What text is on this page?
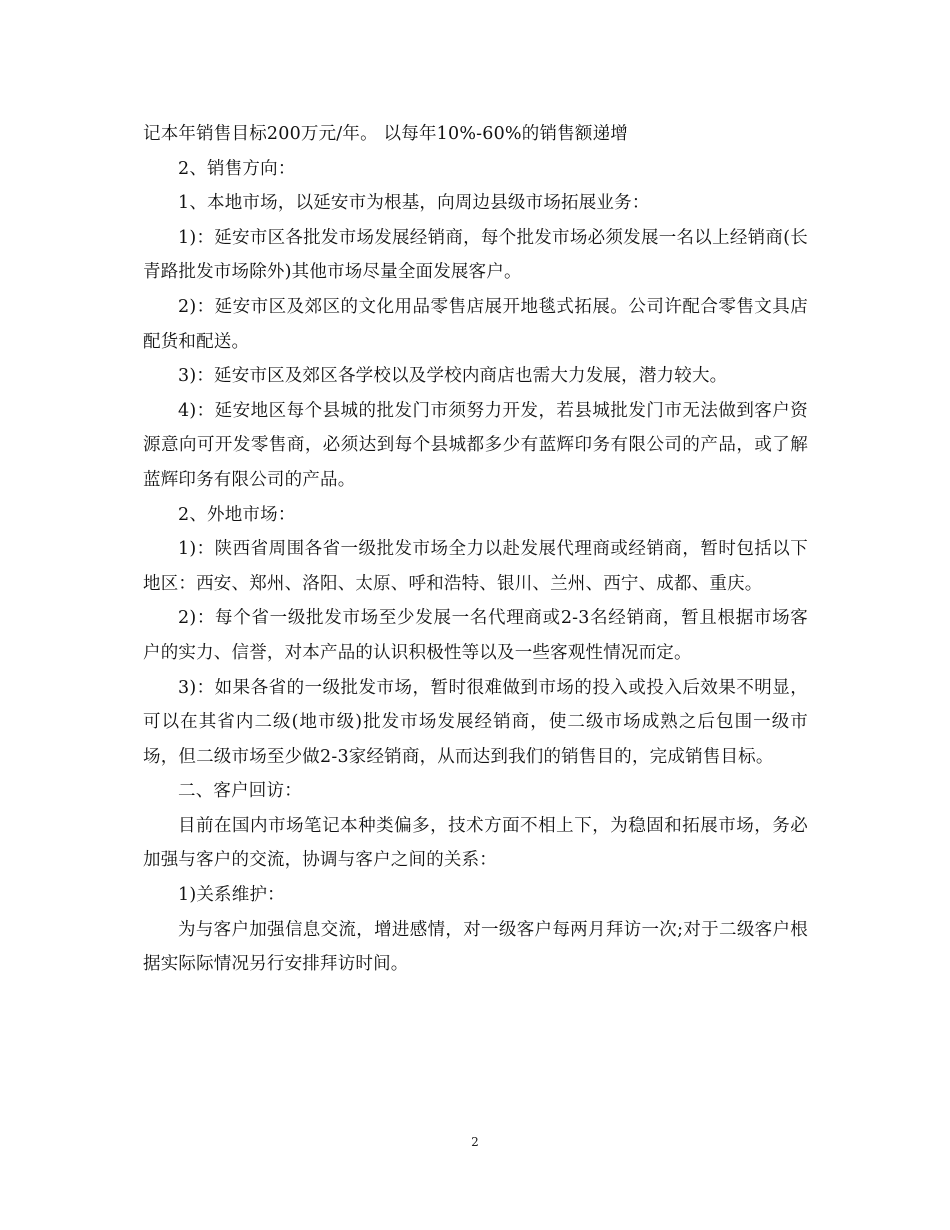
记本年销售目标200万元/年。 以每年10%-60%的销售额递增

2、销售方向：

1、本地市场，以延安市为根基，向周边县级市场拓展业务：

1)：延安市区各批发市场发展经销商，每个批发市场必须发展一名以上经销商(长青路批发市场除外)其他市场尽量全面发展客户。

2)：延安市区及郊区的文化用品零售店展开地毯式拓展。公司许配合零售文具店配货和配送。

3)：延安市区及郊区各学校以及学校内商店也需大力发展，潜力较大。

4)：延安地区每个县城的批发门市须努力开发，若县城批发门市无法做到客户资源意向可开发零售商，必须达到每个县城都多少有蓝辉印务有限公司的产品，或了解蓝辉印务有限公司的产品。

2、外地市场：

1)：陕西省周围各省一级批发市场全力以赴发展代理商或经销商，暂时包括以下地区：西安、郑州、洛阳、太原、呼和浩特、银川、兰州、西宁、成都、重庆。

2)：每个省一级批发市场至少发展一名代理商或2-3名经销商，暂且根据市场客户的实力、信誉，对本产品的认识积极性等以及一些客观性情况而定。

3)：如果各省的一级批发市场，暂时很难做到市场的投入或投入后效果不明显，可以在其省内二级(地市级)批发市场发展经销商，使二级市场成熟之后包围一级市场，但二级市场至少做2-3家经销商，从而达到我们的销售目的，完成销售目标。

二、客户回访：

目前在国内市场笔记本种类偏多，技术方面不相上下，为稳固和拓展市场，务必加强与客户的交流，协调与客户之间的关系：

1)关系维护：

为与客户加强信息交流，增进感情，对一级客户每两月拜访一次;对于二级客户根据实际际情况另行安排拜访时间。

2
